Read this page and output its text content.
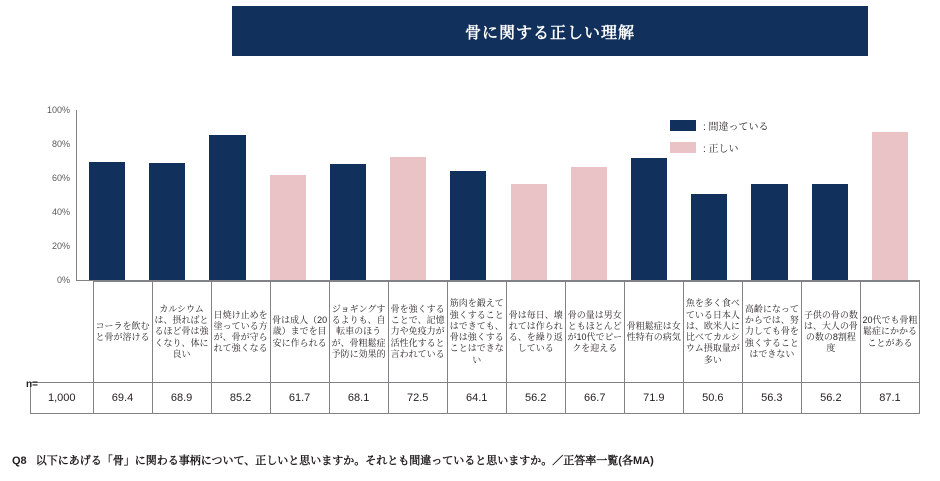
骨に関する正しい理解
0%
20%
40%
60%
80%
100%
: 間違っている
: 正しい
	コーラを飲むと骨が溶ける	カルシウムは、摂ればとるほど骨は強くなり、体に良い	日焼け止めを塗っている方が、骨が守られて強くなる	骨は成人（20歳）までを目安に作られる	ジョギングするよりも、自転車のほうが、骨粗鬆症予防に効果的	骨を強くすることで、記憶力や免疫力が活性化すると言われている	筋肉を鍛えて強くすることはできても、骨は強くすることはできない	骨は毎日、壊れては作られる、を繰り返している	骨の量は男女ともほとんどが10代でピークを迎える	骨粗鬆症は女性特有の病気	魚を多く食べている日本人は、欧米人に比べてカルシウム摂取量が多い	高齢になってからでは、努力しても骨を強くすることはできない	子供の骨の数は、大人の骨の数の8割程度	20代でも骨粗鬆症にかかることがある
1,000	69.4	68.9	85.2	61.7	68.1	72.5	64.1	56.2	66.7	71.9	50.6	56.3	56.2	87.1
n=
Q8 以下にあげる「骨」に関わる事柄について、正しいと思いますか。それとも間違っていると思いますか。／正答率一覧(各MA)
